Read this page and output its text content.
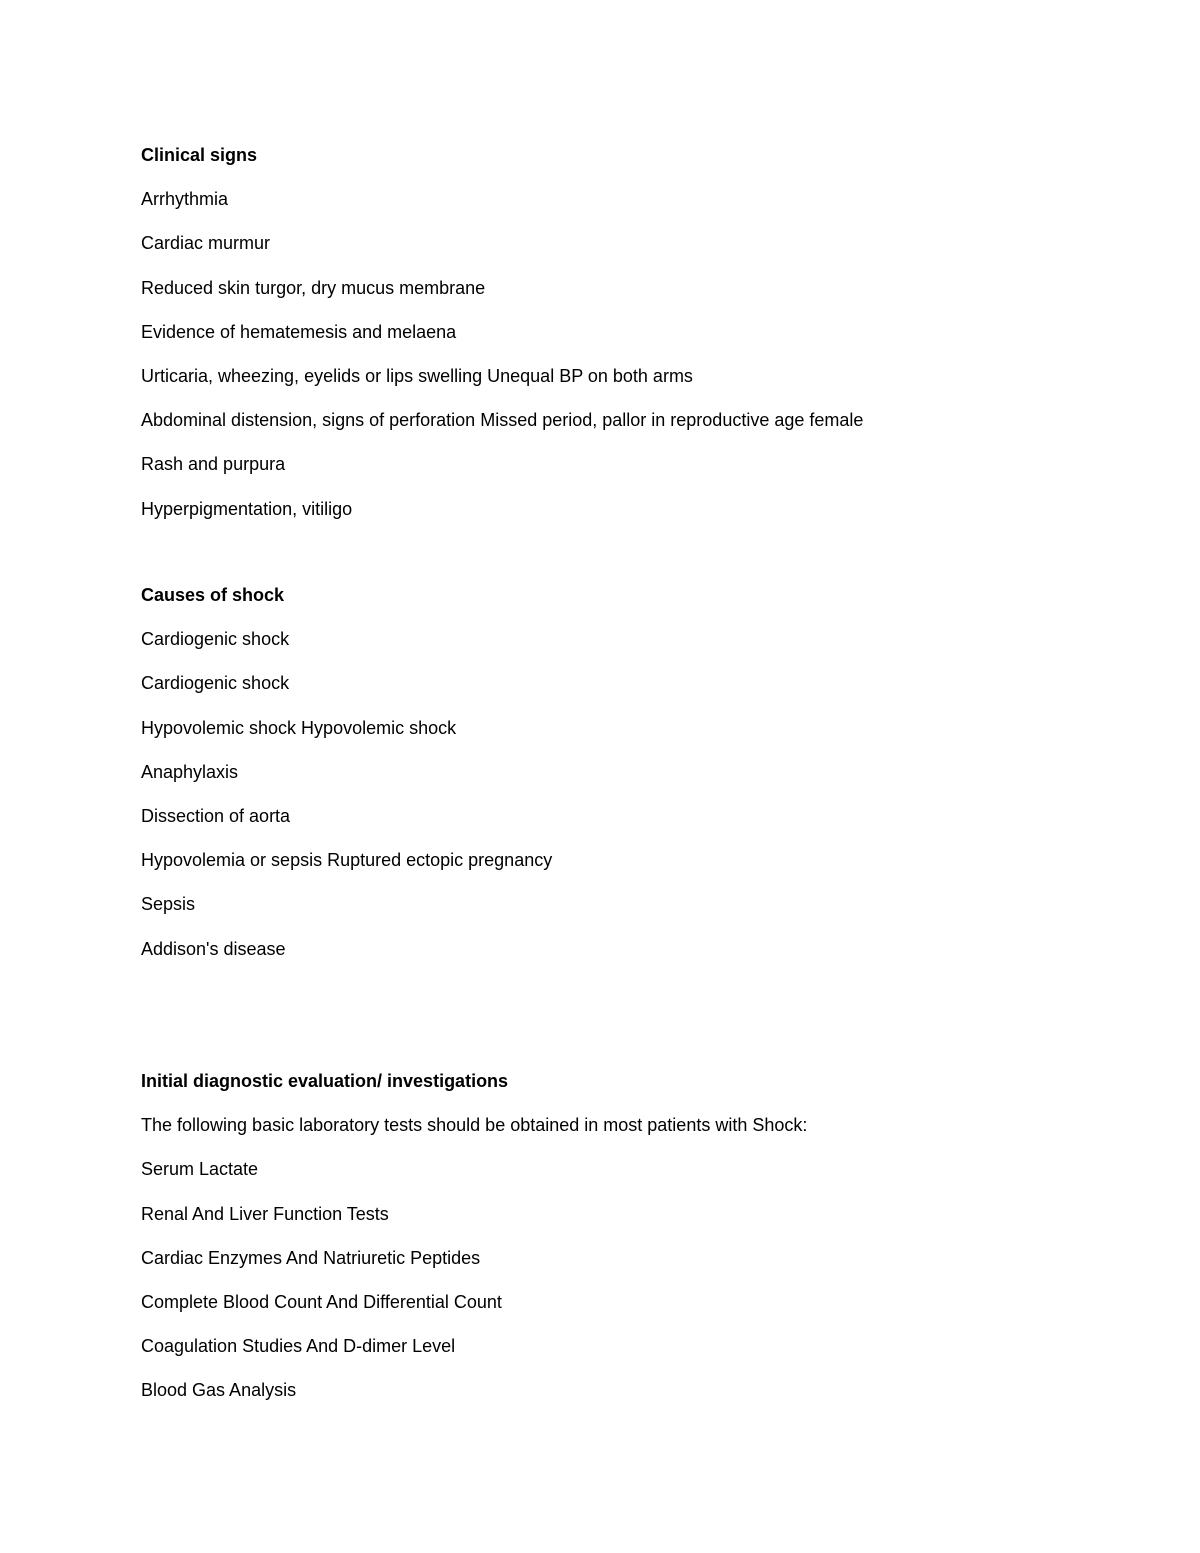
Clinical signs
Arrhythmia
Cardiac murmur
Reduced skin turgor, dry mucus membrane
Evidence of hematemesis and melaena
Urticaria, wheezing, eyelids or lips swelling Unequal BP on both arms
Abdominal distension, signs of perforation Missed period, pallor in reproductive age female
Rash and purpura
Hyperpigmentation, vitiligo
Causes of shock
Cardiogenic shock
Cardiogenic shock
Hypovolemic shock Hypovolemic shock
Anaphylaxis
Dissection of aorta
Hypovolemia or sepsis Ruptured ectopic pregnancy
Sepsis
Addison's disease
Initial diagnostic evaluation/ investigations
The following basic laboratory tests should be obtained in most patients with Shock:
Serum Lactate
Renal And Liver Function Tests
Cardiac Enzymes And Natriuretic Peptides
Complete Blood Count And Differential Count
Coagulation Studies And D-dimer Level
Blood Gas Analysis
